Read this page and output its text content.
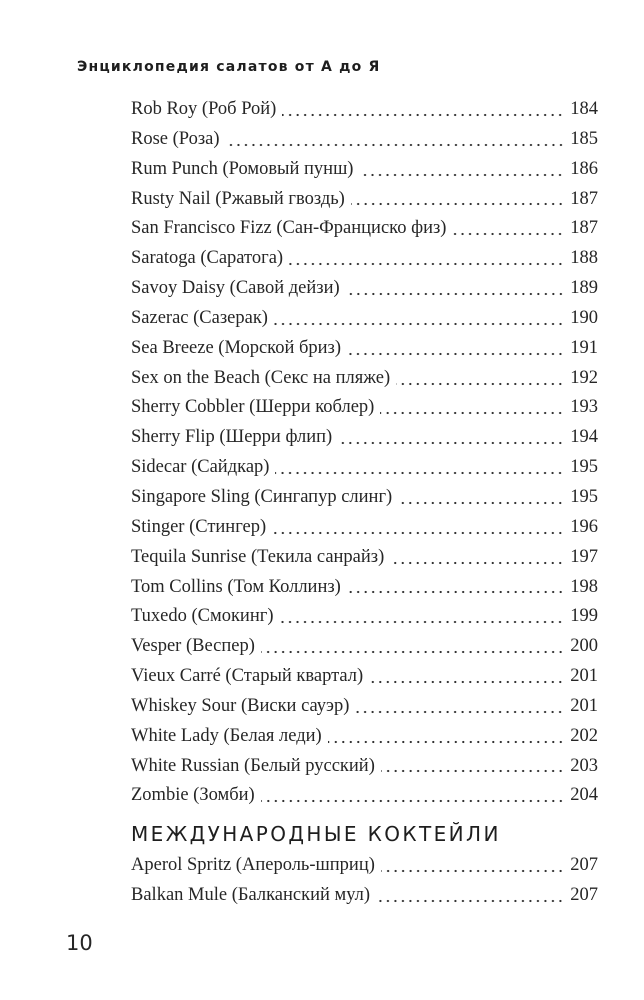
Энциклопедия салатов от А до Я
Rob Roy (Роб Рой)	184
Rose (Роза)	185
Rum Punch (Ромовый пунш)	186
Rusty Nail (Ржавый гвоздь)	187
San Francisco Fizz (Сан-Франциско физ)	187
Saratoga (Саратога)	188
Savoy Daisy (Савой дейзи)	189
Sazerac (Сазерак)	190
Sea Breeze (Морской бриз)	191
Sex on the Beach (Секс на пляже)	192
Sherry Cobbler (Шерри коблер)	193
Sherry Flip (Шерри флип)	194
Sidecar (Сайдкар)	195
Singapore Sling (Сингапур слинг)	195
Stinger (Стингер)	196
Tequila Sunrise (Текила санрайз)	197
Tom Collins (Том Коллинз)	198
Tuxedo (Смокинг)	199
Vesper (Веспер)	200
Vieux Carré (Старый квартал)	201
Whiskey Sour (Виски сауэр)	201
White Lady (Белая леди)	202
White Russian (Белый русский)	203
Zombie (Зомби)	204
МЕЖДУНАРОДНЫЕ КОКТЕЙЛИ
Aperol Spritz (Апероль-шприц)	207
Balkan Mule (Балканский мул)	207
10
